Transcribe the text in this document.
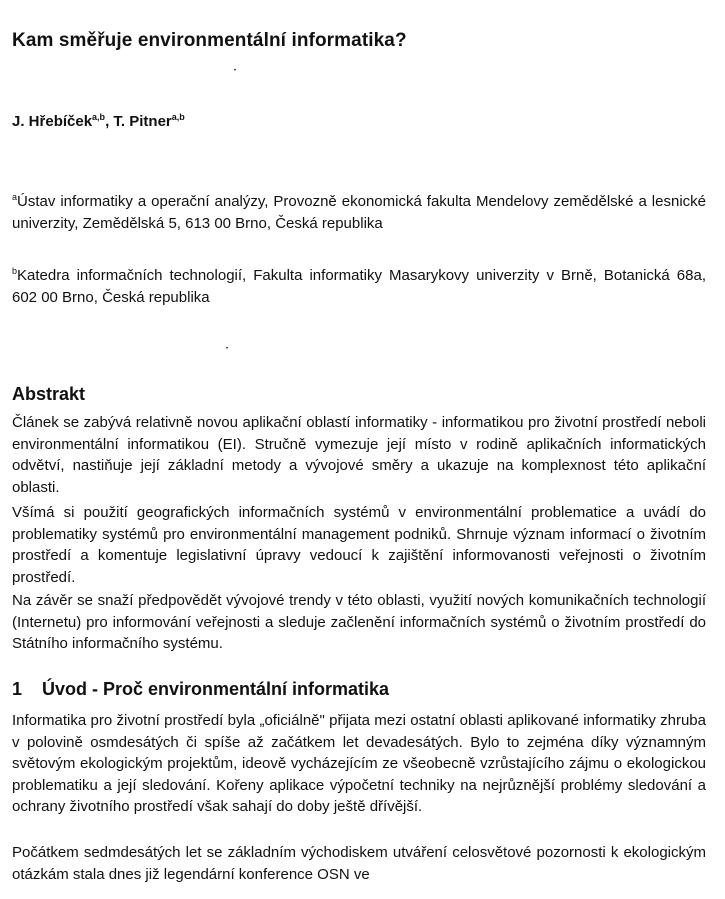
Kam směřuje environmentální informatika?
•
J. Hřebíček$^{a,b}$, T. Pitner$^{a,b}$
$^a$Ústav informatiky a operační analýzy, Provozně ekonomická fakulta Mendelovy zemědělské a lesnické univerzity, Zemědělská 5, 613 00 Brno, Česká republika
$^b$Katedra informačních technologií, Fakulta informatiky Masarykovy univerzity v Brně, Botanická 68a, 602 00 Brno, Česká republika
•
Abstrakt
Článek se zabývá relativně novou aplikační oblastí informatiky - informatikou pro životní prostředí neboli environmentální informatikou (EI). Stručně vymezuje její místo v rodině aplikačních informatických odvětví, nastiňuje její základní metody a vývojové směry a ukazuje na komplexnost této aplikační oblasti.
Všímá si použití geografických informačních systémů v environmentální problematice a uvádí do problematiky systémů pro environmentální management podniků. Shrnuje význam informací o životním prostředí a komentuje legislativní úpravy vedoucí k zajištění informovanosti veřejnosti o životním prostředí.
Na závěr se snaží předpovědět vývojové trendy v této oblasti, využití nových komunikačních technologií (Internetu) pro informování veřejnosti a sleduje začlenění informačních systémů o životním prostředí do Státního informačního systému.
1 Úvod - Proč environmentální informatika
Informatika pro životní prostředí byla „oficiálně" přijata mezi ostatní oblasti aplikované informatiky zhruba v polovině osmdesátých či spíše až začátkem let devadesátých. Bylo to zejména díky významným světovým ekologickým projektům, ideově vycházejícím ze všeobecně vzrůstajícího zájmu o ekologickou problematiku a její sledování. Kořeny aplikace výpočetní techniky na nejrůznější problémy sledování a ochrany životního prostředí však sahají do doby ještě dřívější.
Počátkem sedmdesátých let se základním východiskem utváření celosvětové pozornosti k ekologickým otázkám stala dnes již legendární konference OSN ve
